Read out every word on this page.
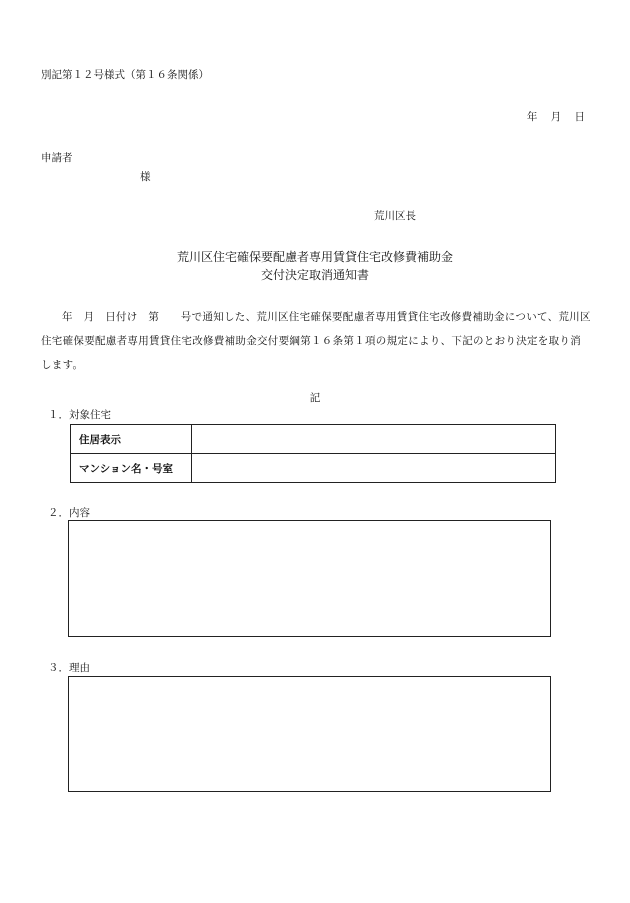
別記第１２号様式（第１６条関係）
年 月 日
申請者
様
荒川区長
荒川区住宅確保要配慮者専用賃貸住宅改修費補助金
交付決定取消通知書
年　月　日付け　第　　号で通知した、荒川区住宅確保要配慮者専用賃貸住宅改修費補助金について、荒川区住宅確保要配慮者専用賃貸住宅改修費補助金交付要綱第１６条第１項の規定により、下記のとおり決定を取り消します。
記
１．対象住宅
住居表示	
マンション名・号室	
２．内容
３．理由
